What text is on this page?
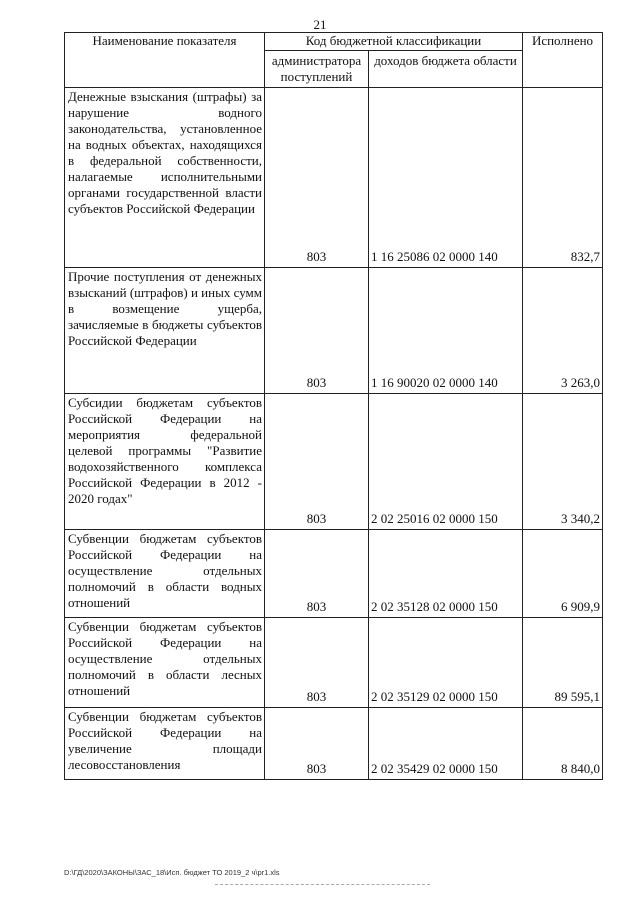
21
Наименование показателя	Код бюджетной классификации		Исполнено
	администратора поступлений	доходов бюджета области	
Денежные взыскания (штрафы) за нарушение водного законодательства, установленное на водных объектах, находящихся в федеральной собственности, налагаемые исполнительными органами государственной власти субъектов Российской Федерации	803	1 16 25086 02 0000 140	832,7
Прочие поступления от денежных взысканий (штрафов) и иных сумм в возмещение ущерба, зачисляемые в бюджеты субъектов Российской Федерации	803	1 16 90020 02 0000 140	3 263,0
Субсидии бюджетам субъектов Российской Федерации на мероприятия федеральной целевой программы "Развитие водохозяйственного комплекса Российской Федерации в 2012 - 2020 годах"	803	2 02 25016 02 0000 150	3 340,2
Субвенции бюджетам субъектов Российской Федерации на осуществление отдельных полномочий в области водных отношений	803	2 02 35128 02 0000 150	6 909,9
Субвенции бюджетам субъектов Российской Федерации на осуществление отдельных полномочий в области лесных отношений	803	2 02 35129 02 0000 150	89 595,1
Субвенции бюджетам субъектов Российской Федерации на увеличение площади лесовосстановления	803	2 02 35429 02 0000 150	8 840,0
D:\ГД\2020\ЗАКОНЫ\ЗАС_18\Исп. бюджет ТО 2019_2 ч\pr1.xls
